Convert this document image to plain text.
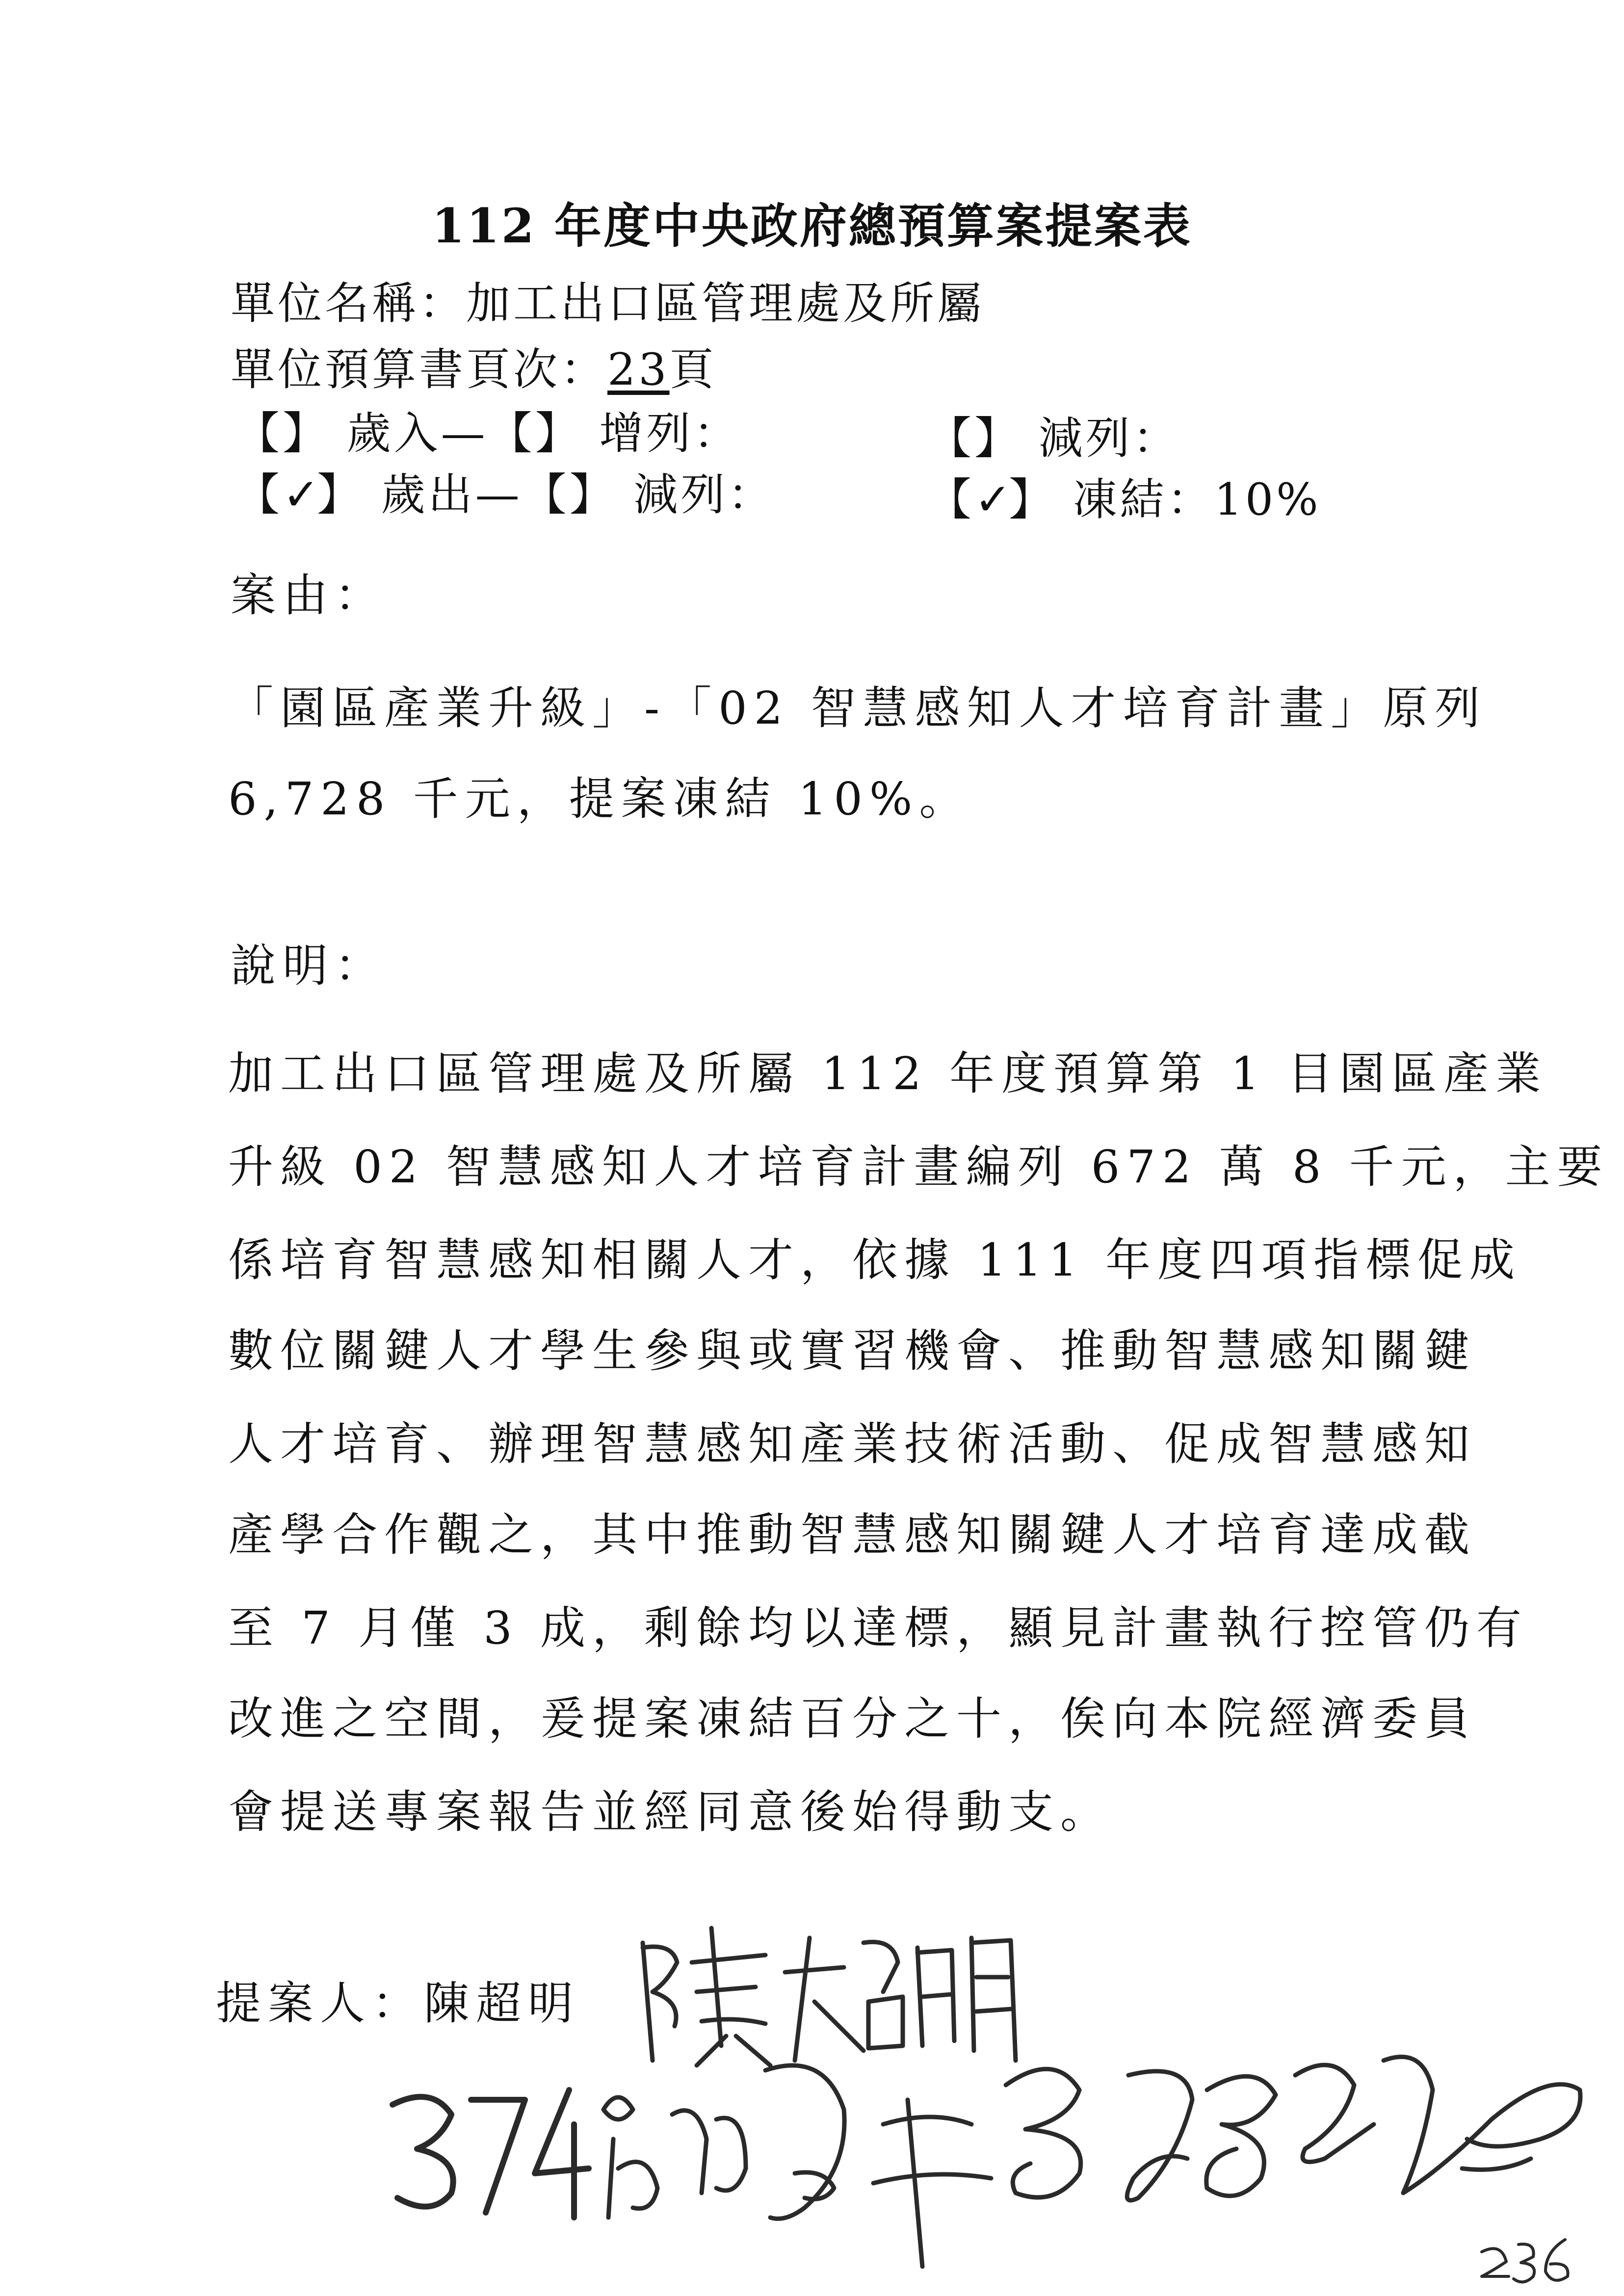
112 年度中央政府總預算案提案表
單位名稱：加工出口區管理處及所屬
單位預算書頁次：23頁
【】 歲入—【】 增列：	【】 減列：
【✓】 歲出—【】 減列：	【✓】 凍結：10%
案由：
「園區產業升級」-「02 智慧感知人才培育計畫」原列
6,728 千元，提案凍結 10%。
說明：
加工出口區管理處及所屬 112 年度預算第 1 目園區產業
升級 02 智慧感知人才培育計畫編列 672 萬 8 千元，主要
係培育智慧感知相關人才，依據 111 年度四項指標促成
數位關鍵人才學生參與或實習機會、推動智慧感知關鍵
人才培育、辦理智慧感知產業技術活動、促成智慧感知
產學合作觀之，其中推動智慧感知關鍵人才培育達成截
至 7 月僅 3 成，剩餘均以達標，顯見計畫執行控管仍有
改進之空間，爰提案凍結百分之十，俟向本院經濟委員
會提送專案報告並經同意後始得動支。
提案人：陳超明
